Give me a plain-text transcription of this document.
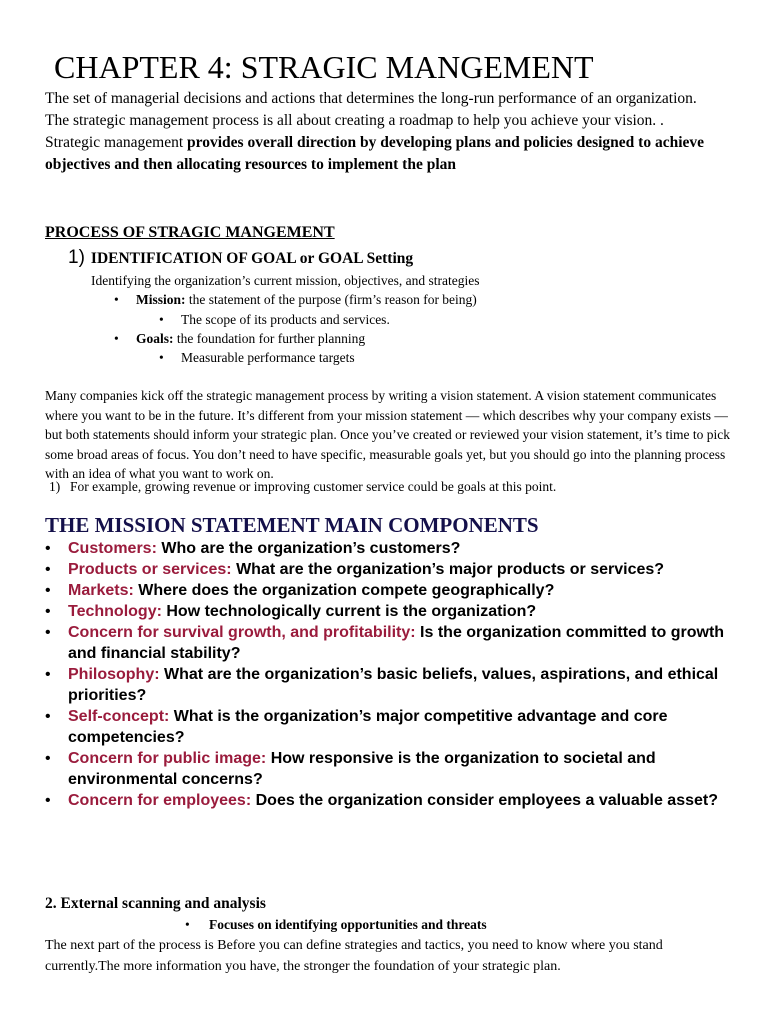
CHAPTER 4: STRAGIC MANGEMENT

The set of managerial decisions and actions that determines the long-run performance of an organization.

The strategic management process is all about creating a roadmap to help you achieve your vision. .

Strategic management provides overall direction by developing plans and policies designed to achieve objectives and then allocating resources to implement the plan

PROCESS OF STRAGIC MANGEMENT
1) IDENTIFICATION OF GOAL or GOAL Setting
Identifying the organization’s current mission, objectives, and strategies
• Mission: the statement of the purpose (firm’s reason for being)
• The scope of its products and services.
• Goals: the foundation for further planning
• Measurable performance targets

Many companies kick off the strategic management process by writing a vision statement. A vision statement communicates where you want to be in the future. It’s different from your mission statement — which describes why your company exists — but both statements should inform your strategic plan. Once you’ve created or reviewed your vision statement, it’s time to pick some broad areas of focus. You don’t need to have specific, measurable goals yet, but you should go into the planning process with an idea of what you want to work on.

1) For example, growing revenue or improving customer service could be goals at this point.
THE MISSION STATEMENT MAIN COMPONENTS
• Customers: Who are the organization’s customers?
• Products or services: What are the organization’s major products or services?
• Markets: Where does the organization compete geographically?
• Technology: How technologically current is the organization?
• Concern for survival growth, and profitability: Is the organization committed to growth and financial stability?
• Philosophy: What are the organization’s basic beliefs, values, aspirations, and ethical priorities?
• Self-concept: What is the organization’s major competitive advantage and core competencies?
• Concern for public image: How responsive is the organization to societal and environmental concerns?
• Concern for employees: Does the organization consider employees a valuable asset?
2. External scanning and analysis
• Focuses on identifying opportunities and threats

The next part of the process is Before you can define strategies and tactics, you need to know where you stand currently.The more information you have, the stronger the foundation of your strategic plan.
